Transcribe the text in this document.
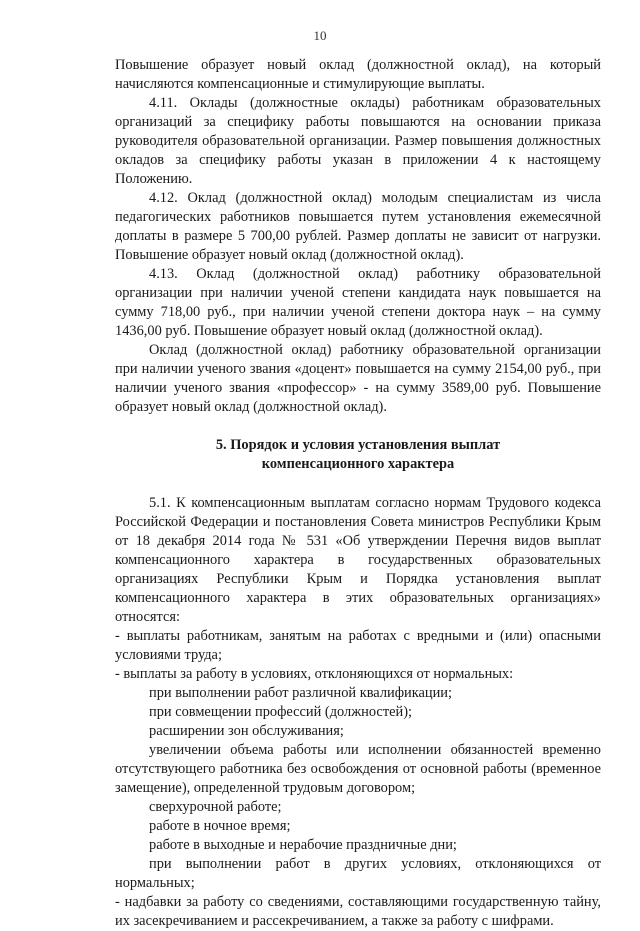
10

Повышение образует новый оклад (должностной оклад), на который начисляются компенсационные и стимулирующие выплаты.

4.11. Оклады (должностные оклады) работникам образовательных организаций за специфику работы повышаются на основании приказа руководителя образовательной организации. Размер повышения должностных окладов за специфику работы указан в приложении 4 к настоящему Положению.

4.12. Оклад (должностной оклад) молодым специалистам из числа педагогических работников повышается путем установления ежемесячной доплаты в размере 5 700,00 рублей. Размер доплаты не зависит от нагрузки. Повышение образует новый оклад (должностной оклад).

4.13. Оклад (должностной оклад) работнику образовательной организации при наличии ученой степени кандидата наук повышается на сумму 718,00 руб., при наличии ученой степени доктора наук – на сумму 1436,00 руб. Повышение образует новый оклад (должностной оклад).

Оклад (должностной оклад) работнику образовательной организации при наличии ученого звания «доцент» повышается на сумму 2154,00 руб., при наличии ученого звания «профессор» - на сумму 3589,00 руб. Повышение образует новый оклад (должностной оклад).

5. Порядок и условия установления выплат
компенсационного характера

5.1. К компенсационным выплатам согласно нормам Трудового кодекса Российской Федерации и постановления Совета министров Республики Крым от 18 декабря 2014 года № 531 «Об утверждении Перечня видов выплат компенсационного характера в государственных образовательных организациях Республики Крым и Порядка установления выплат компенсационного характера в этих образовательных организациях» относятся:

- выплаты работникам, занятым на работах с вредными и (или) опасными условиями труда;

- выплаты за работу в условиях, отклоняющихся от нормальных:

при выполнении работ различной квалификации;

при совмещении профессий (должностей);

расширении зон обслуживания;

увеличении объема работы или исполнении обязанностей временно отсутствующего работника без освобождения от основной работы (временное замещение), определенной трудовым договором;

сверхурочной работе;

работе в ночное время;

работе в выходные и нерабочие праздничные дни;

при выполнении работ в других условиях, отклоняющихся от нормальных;

- надбавки за работу со сведениями, составляющими государственную тайну, их засекречиванием и рассекречиванием, а также за работу с шифрами.
